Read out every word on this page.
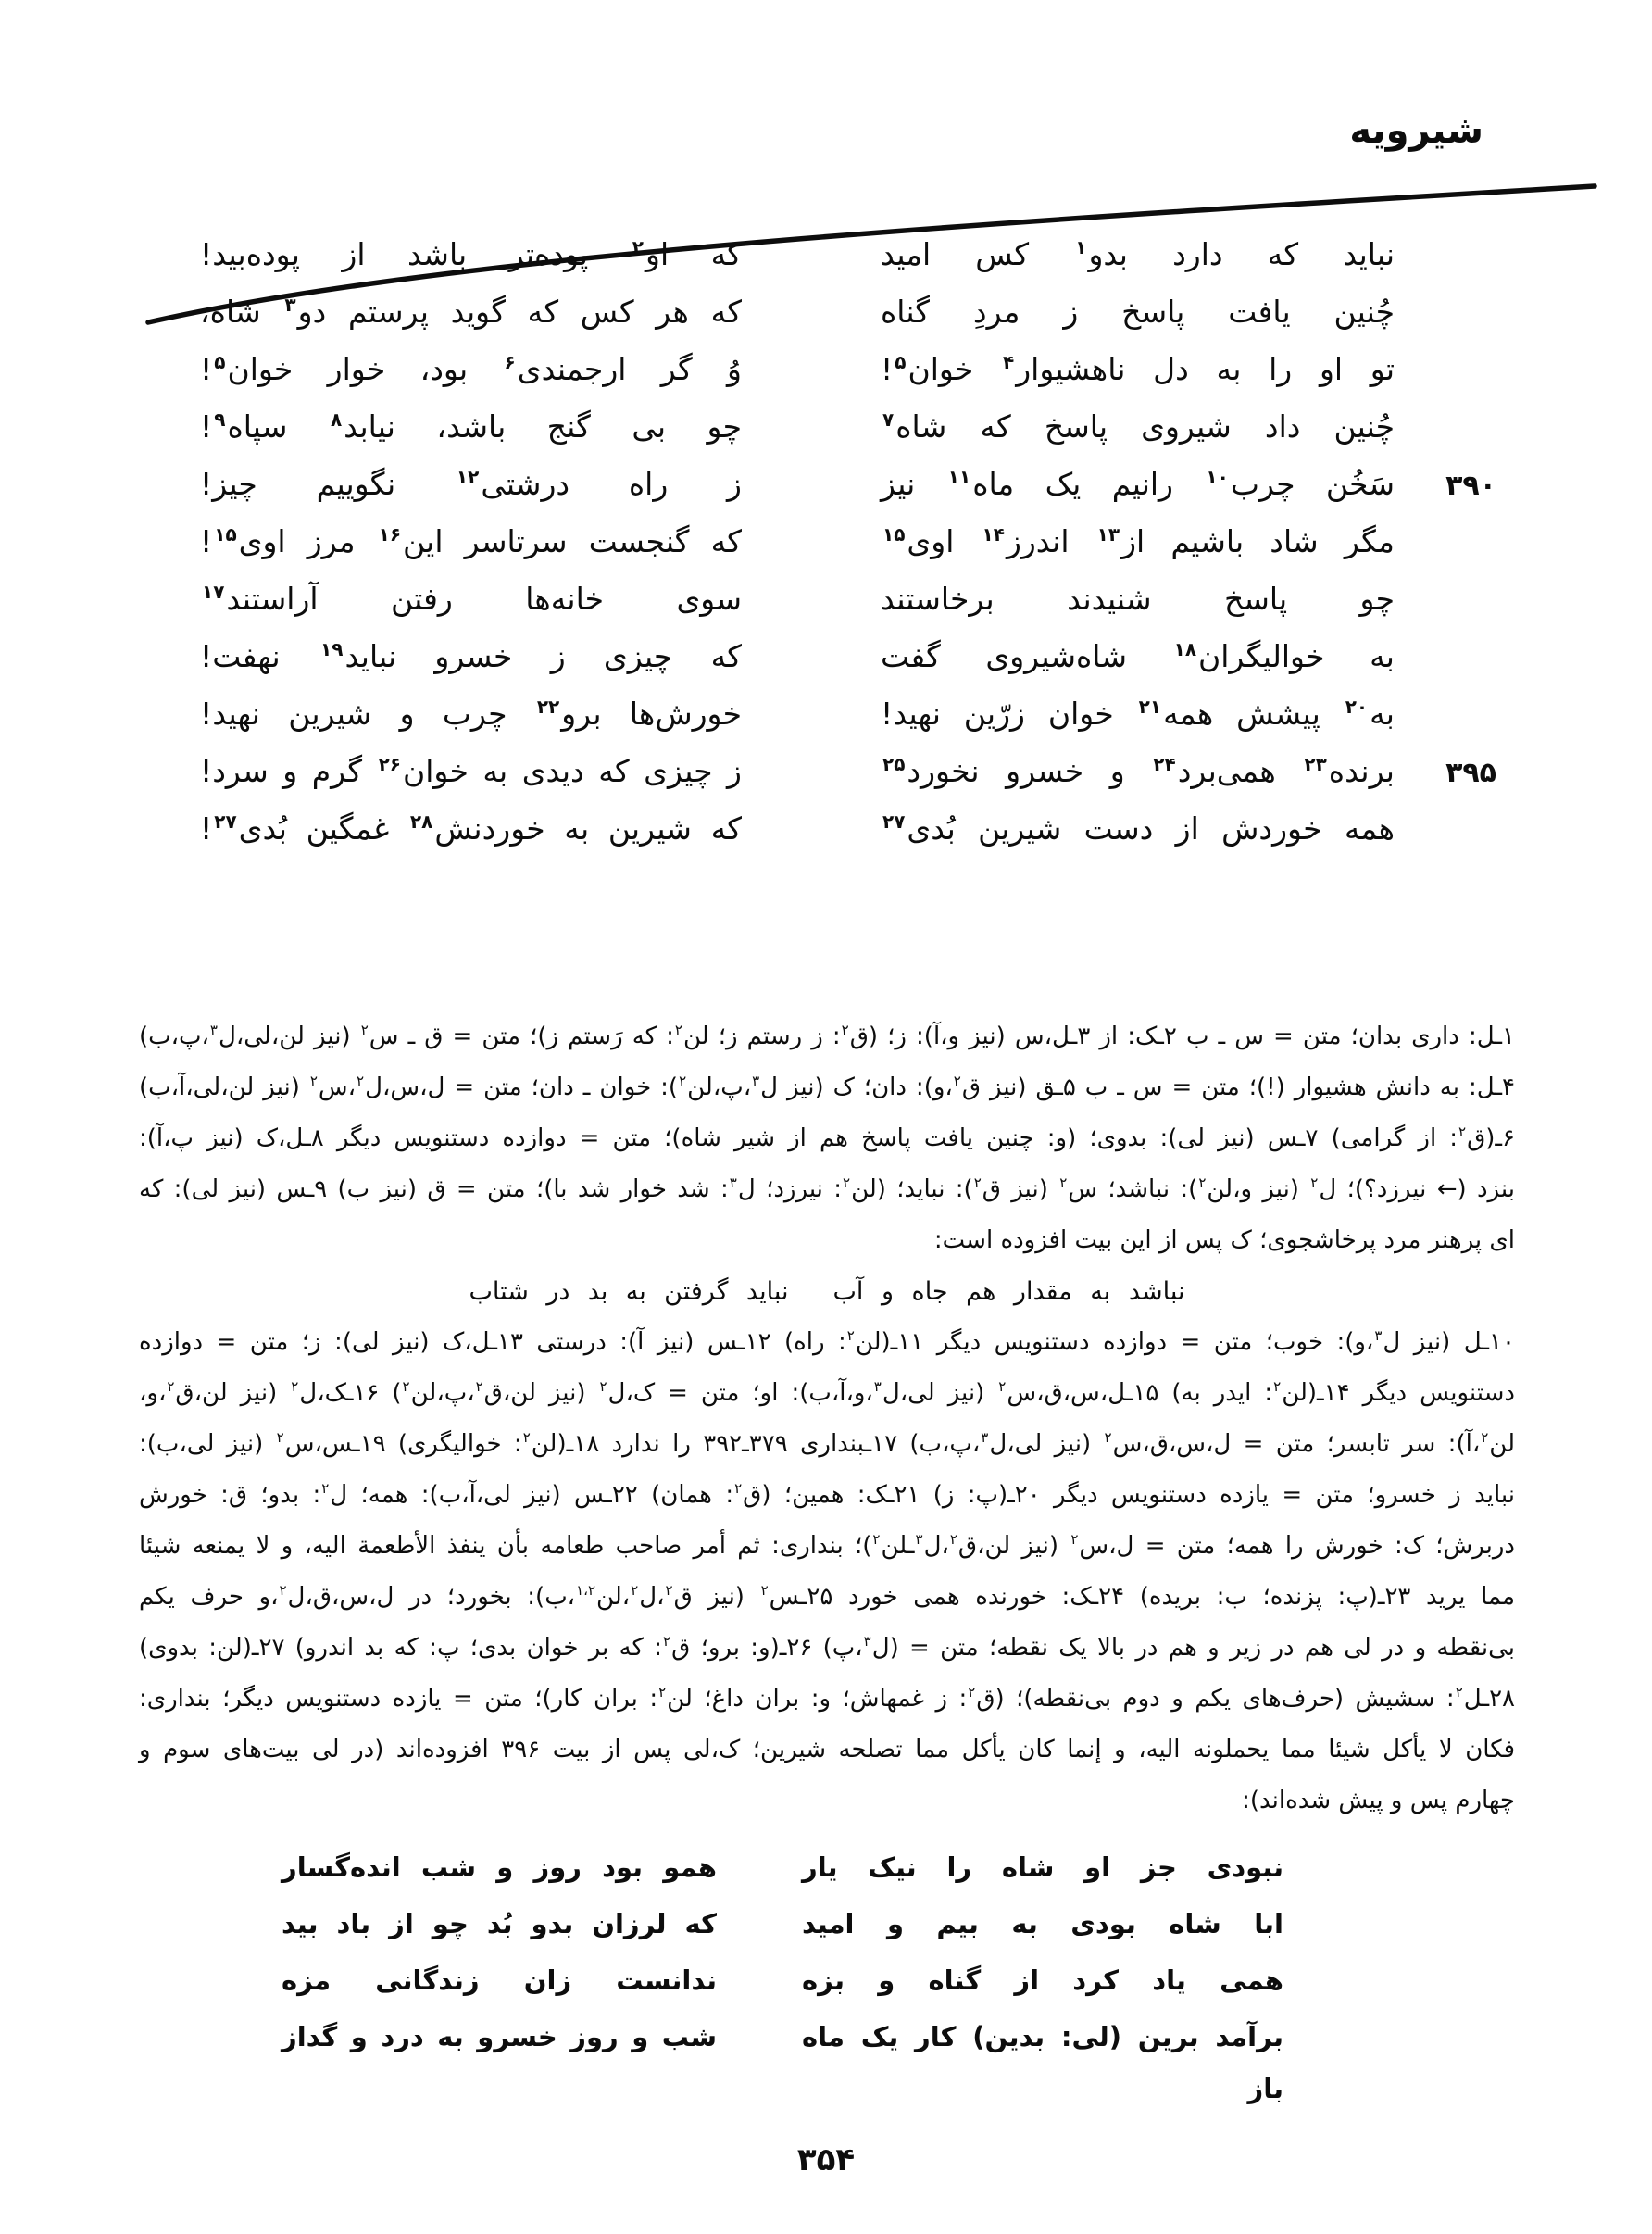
شیرویه
نباید که دارد بدو$^۱$ کس امید
که او$^۲$ پوده‌تر باشد از پوده‌بید!
چُنین یافت پاسخ ز مردِ گناه
که هر کس که گوید پرستم دو$^۳$ شاه،
تو او را به دل ناهشیوار$^۴$ خوان$^۵$!
وُ گر ارجمندی$^۶$ بود، خوار خوان$^۵$!
چُنین داد شیروی پاسخ که شاه$^۷$
چو بی گنج باشد، نیابد$^۸$ سپاه$^۹$!
۳۹۰
سَخُن چرب$^{۱۰}$ رانیم یک ماه$^{۱۱}$ نیز
ز راه درشتی$^{۱۲}$ نگوییم چیز!
مگر شاد باشیم از$^{۱۳}$ اندرز$^{۱۴}$ اوی$^{۱۵}$
که گنجست سرتاسر این$^{۱۶}$ مرز اوی$^{۱۵}$!
چو پاسخ شنیدند برخاستند
سوی خانه‌ها رفتن آراستند$^{۱۷}$
به خوالیگران$^{۱۸}$ شاه‌شیروی گفت
که چیزی ز خسرو نباید$^{۱۹}$ نهفت!
به$^{۲۰}$ پیشش همه$^{۲۱}$ خوان زرّین نهید!
خورش‌ها برو$^{۲۲}$ چرب و شیرین نهید!
۳۹۵
برنده$^{۲۳}$ همی‌برد$^{۲۴}$ و خسرو نخورد$^{۲۵}$
ز چیزی که دیدی به خوان$^{۲۶}$ گرم و سرد!
همه خوردش از دست شیرین بُدی$^{۲۷}$
که شیرین به خوردنش$^{۲۸}$ غمگین بُدی$^{۲۷}$!
۱ـل: داری بدان؛ متن = س ـ ب ۲ـک: از ۳ـل،س (نیز و،آ): ز؛ (ق$^۲$: ز رستم ز؛ لن$^۲$: که رَستم ز)؛ متن = ق ـ س$^۲$ (نیز لن،لی،ل$^۳$،پ،ب)
۴ـل: به دانش هشیوار (!)؛ متن = س ـ ب ۵ـق (نیز ق$^۲$،و): دان؛ ک (نیز ل$^۳$،پ،لن$^۲$): خوان ـ دان؛ متن = ل،س،ل$^۲$،س$^۲$ (نیز لن،لی،آ،ب)
۶ـ(ق$^۲$: از گرامی) ۷ـس (نیز لی): بدوی؛ (و: چنین یافت پاسخ هم از شیر شاه)؛ متن = دوازده دستنویس دیگر ۸ـل،ک (نیز پ،آ):
بنزد (← نیرزد؟)؛ ل$^۲$ (نیز و،لن$^۲$): نباشد؛ س$^۲$ (نیز ق$^۲$): نباید؛ (لن$^۲$: نیرزد؛ ل$^۳$: شد خوار شد با)؛ متن = ق (نیز ب) ۹ـس (نیز لی): که
ای پرهنر مرد پرخاشجوی؛ ک پس از این بیت افزوده است:
نباشد به مقدار هم جاه و آب
نباید گرفتن به بد در شتاب
۱۰ـل (نیز ل$^۳$،و): خوب؛ متن = دوازده دستنویس دیگر ۱۱ـ(لن$^۲$: راه) ۱۲ـس (نیز آ): درستی ۱۳ـل،ک (نیز لی): ز؛ متن = دوازده
دستنویس دیگر ۱۴ـ(لن$^۲$: ایدر به) ۱۵ـل،س،ق،س$^۲$ (نیز لی،ل$^۳$،و،آ،ب): او؛ متن = ک،ل$^۲$ (نیز لن،ق$^۲$،پ،لن$^۲$) ۱۶ـک،ل$^۲$ (نیز لن،ق$^۲$،و،
لن$^۲$،آ): سر تابسر؛ متن = ل،س،ق،س$^۲$ (نیز لی،ل$^۳$،پ،ب) ۱۷ـبنداری ۳۷۹ـ۳۹۲ را ندارد ۱۸ـ(لن$^۲$: خوالیگری) ۱۹ـس،س$^۲$ (نیز لی،ب):
نباید ز خسرو؛ متن = یازده دستنویس دیگر ۲۰ـ(پ: ز) ۲۱ـک: همین؛ (ق$^۲$: همان) ۲۲ـس (نیز لی،آ،ب): همه؛ ل$^۲$: بدو؛ ق: خورش
دربرش؛ ک: خورش را همه؛ متن = ل،س$^۲$ (نیز لن،ق$^۲$،ل$^۳$ـلن$^۲$)؛ بنداری: ثم أمر صاحب طعامه بأن ینفذ الأطعمة الیه، و لا یمنعه شیئا
مما یرید ۲۳ـ(پ: پزنده؛ ب: بریده) ۲۴ـک: خورنده همی خورد ۲۵ـس$^۲$ (نیز ق$^۲$،ل$^۲$،لن$^{۱،۲}$،ب): بخورد؛ در ل،س،ق،ل$^۲$،و حرف یکم
بی‌نقطه و در لی هم در زیر و هم در بالا یک نقطه؛ متن = (ل$^۳$،پ) ۲۶ـ(و: برو؛ ق$^۲$: که بر خوان بدی؛ پ: که بد اندرو) ۲۷ـ(لن: بدوی)
۲۸ـل$^۲$: سشیش (حرف‌های یکم و دوم بی‌نقطه)؛ (ق$^۲$: ز غمهاش؛ و: بران داغ؛ لن$^۲$: بران کار)؛ متن = یازده دستنویس دیگر؛ بنداری:
فکان لا یأکل شیئا مما یحملونه الیه، و إنما کان یأکل مما تصلحه شیرین؛ ک،لی پس از بیت ۳۹۶ افزوده‌اند (در لی بیت‌های سوم و
چهارم پس و پیش شده‌اند):
نبودی جز او شاه را نیک یار
همو بود روز و شب انده‌گسار
ابا شاه بودی به بیم و امید
که لرزان بدو بُد چو از باد بید
همی یاد کرد از گناه و بزه
ندانست زان زندگانی مزه
برآمد برین (لی: بدین) کار یک ماه باز
شب و روز خسرو به درد و گداز
۳۵۴
